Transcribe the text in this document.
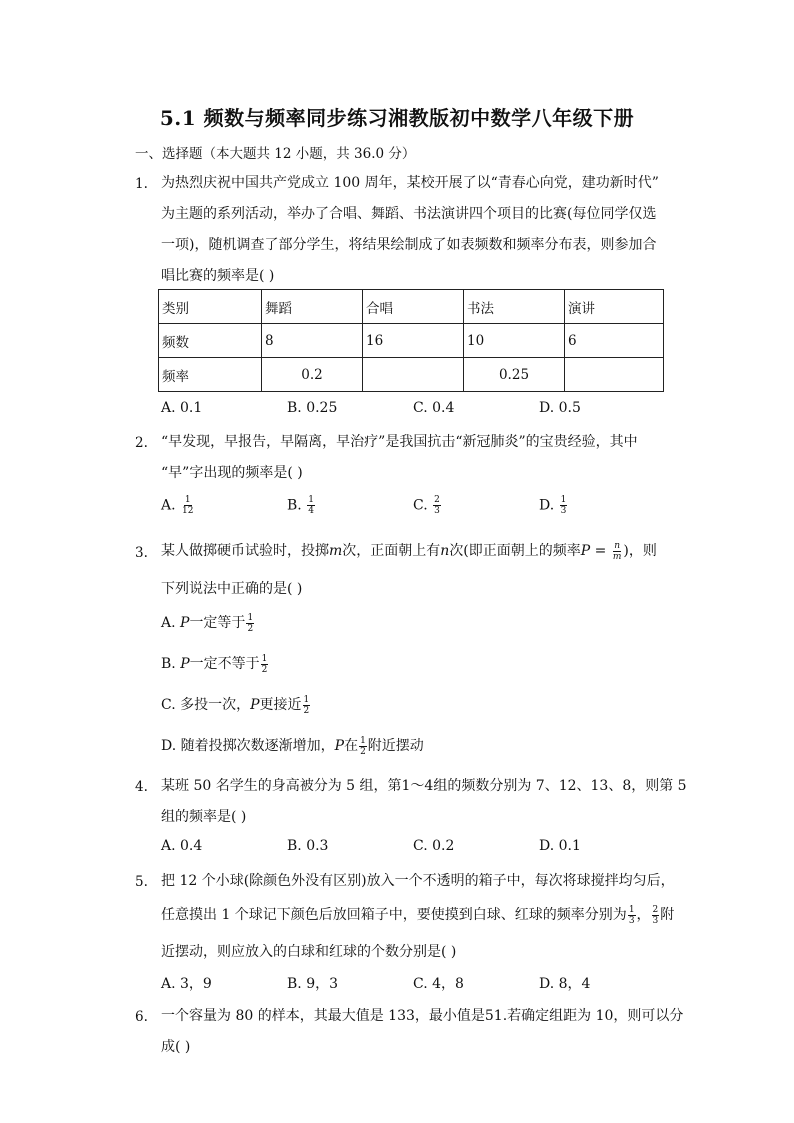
5.1 频数与频率同步练习湘教版初中数学八年级下册
一、选择题（本大题共 12 小题，共 36.0 分）
1. 为热烈庆祝中国共产党成立 100 周年，某校开展了以“青春心向党，建功新时代”
为主题的系列活动，举办了合唱、舞蹈、书法演讲四个项目的比赛(每位同学仅选
一项)，随机调查了部分学生，将结果绘制成了如表频数和频率分布表，则参加合
唱比赛的频率是( )
类别	舞蹈	合唱	书法	演讲
频数	8	16	10	6
频率	0.2		0.25	
A. 0.1	B. 0.25	C. 0.4	D. 0.5
2. “早发现，早报告，早隔离，早治疗”是我国抗击“新冠肺炎”的宝贵经验，其中
“早”字出现的频率是( )
A. $\frac{1}{12}$	B. $\frac{1}{4}$	C. $\frac{2}{3}$	D. $\frac{1}{3}$
3. 某人做掷硬币试验时，投掷m次，正面朝上有n次(即正面朝上的频率$P = \frac{n}{m}$ )，则
下列说法中正确的是( )
A. P一定等于 $\frac{1}{2}$
B. P一定不等于 $\frac{1}{2}$
C. 多投一次，P更接近 $\frac{1}{2}$
D. 随着投掷次数逐渐增加，P在 $\frac{1}{2}$ 附近摆动
4. 某班 50 名学生的身高被分为 5 组，第1～4组的频数分别为 7、12、13、8，则第 5
组的频率是( )
A. 0.4	B. 0.3	C. 0.2	D. 0.1
5. 把 12 个小球(除颜色外没有区别)放入一个不透明的箱子中，每次将球搅拌均匀后，
任意摸出 1 个球记下颜色后放回箱子中，要使摸到白球、红球的频率分别为 $\frac{1}{3}$ ， $\frac{2}{3}$ 附
近摆动，则应放入的白球和红球的个数分别是( )
A. 3，9	B. 9，3	C. 4，8	D. 8，4
6. 一个容量为 80 的样本，其最大值是 133，最小值是51.若确定组距为 10，则可以分
成( )
